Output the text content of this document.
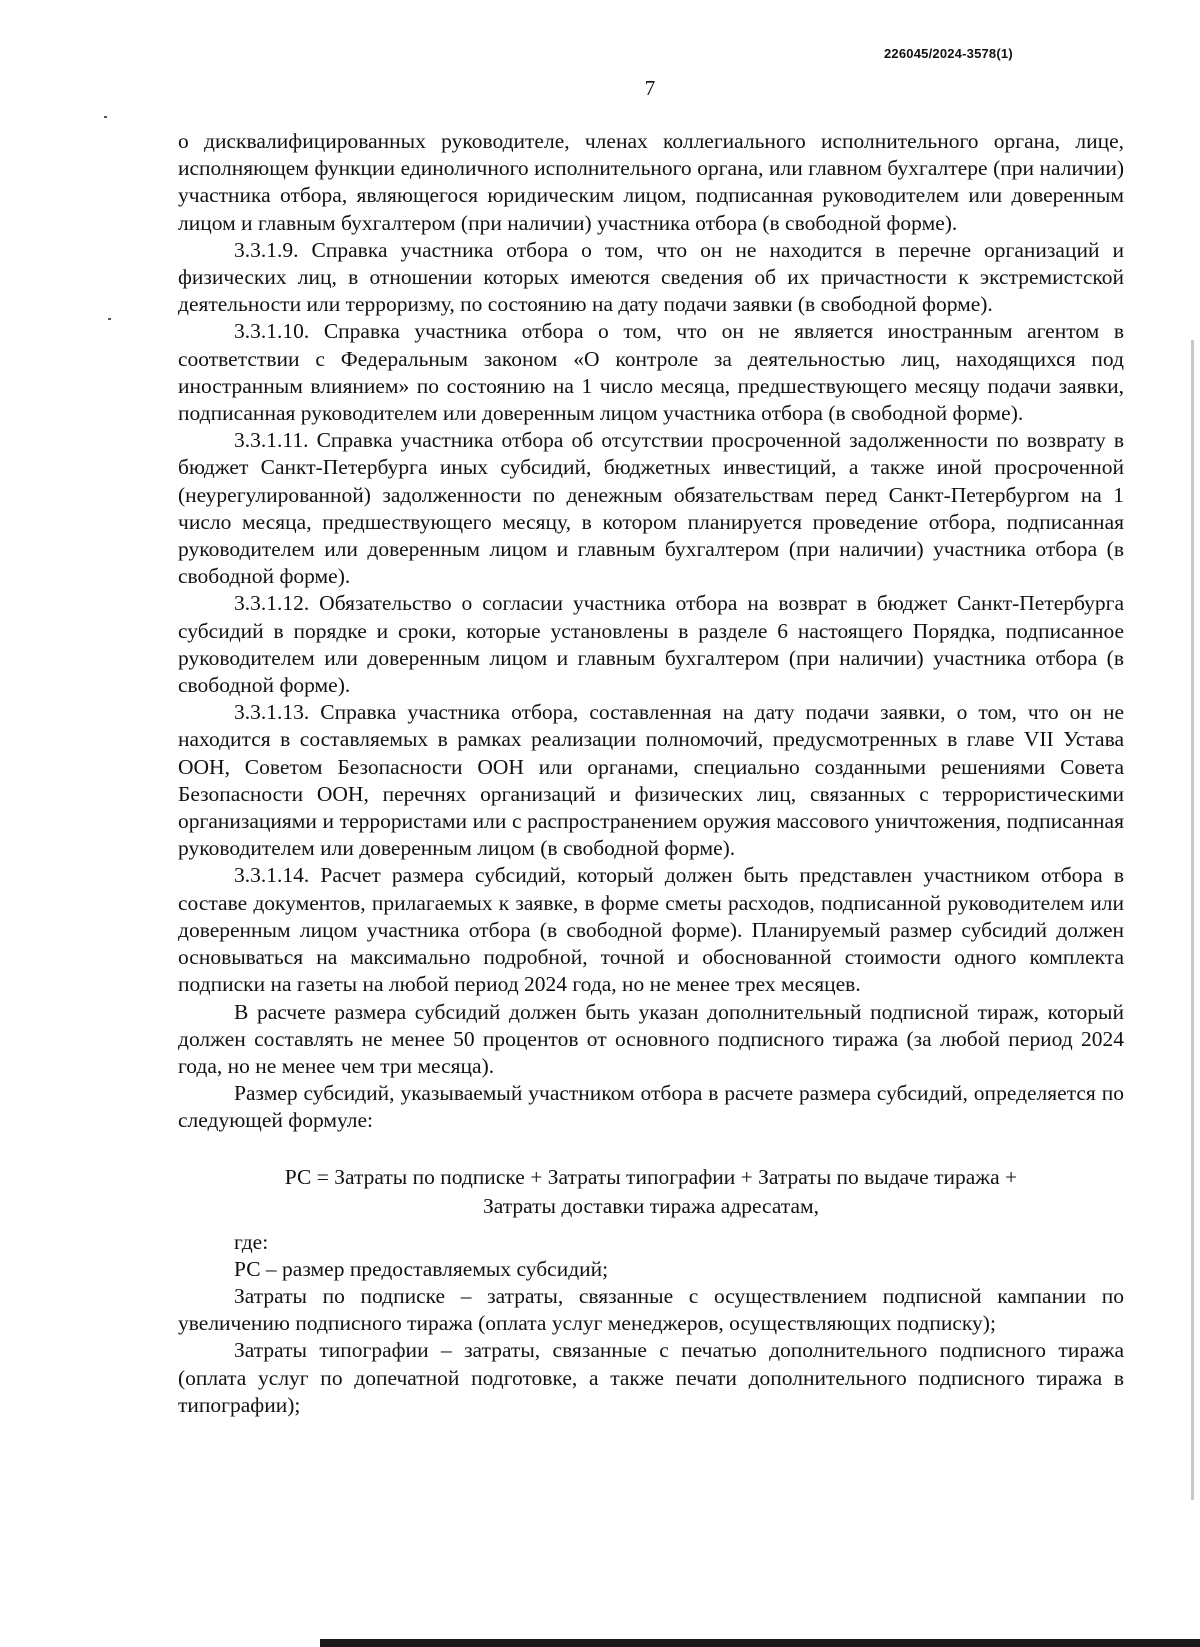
226045/2024-3578(1)
7

о дисквалифицированных руководителе, членах коллегиального исполнительного органа, лице, исполняющем функции единоличного исполнительного органа, или главном бухгалтере (при наличии) участника отбора, являющегося юридическим лицом, подписанная руководителем или доверенным лицом и главным бухгалтером (при наличии) участника отбора (в свободной форме).

3.3.1.9. Справка участника отбора о том, что он не находится в перечне организаций и физических лиц, в отношении которых имеются сведения об их причастности к экстремистской деятельности или терроризму, по состоянию на дату подачи заявки (в свободной форме).

3.3.1.10. Справка участника отбора о том, что он не является иностранным агентом в соответствии с Федеральным законом «О контроле за деятельностью лиц, находящихся под иностранным влиянием» по состоянию на 1 число месяца, предшествующего месяцу подачи заявки, подписанная руководителем или доверенным лицом участника отбора (в свободной форме).

3.3.1.11. Справка участника отбора об отсутствии просроченной задолженности по возврату в бюджет Санкт-Петербурга иных субсидий, бюджетных инвестиций, а также иной просроченной (неурегулированной) задолженности по денежным обязательствам перед Санкт-Петербургом на 1 число месяца, предшествующего месяцу, в котором планируется проведение отбора, подписанная руководителем или доверенным лицом и главным бухгалтером (при наличии) участника отбора (в свободной форме).

3.3.1.12. Обязательство о согласии участника отбора на возврат в бюджет Санкт-Петербурга субсидий в порядке и сроки, которые установлены в разделе 6 настоящего Порядка, подписанное руководителем или доверенным лицом и главным бухгалтером (при наличии) участника отбора (в свободной форме).

3.3.1.13. Справка участника отбора, составленная на дату подачи заявки, о том, что он не находится в составляемых в рамках реализации полномочий, предусмотренных в главе VII Устава ООН, Советом Безопасности ООН или органами, специально созданными решениями Совета Безопасности ООН, перечнях организаций и физических лиц, связанных с террористическими организациями и террористами или с распространением оружия массового уничтожения, подписанная руководителем или доверенным лицом (в свободной форме).

3.3.1.14. Расчет размера субсидий, который должен быть представлен участником отбора в составе документов, прилагаемых к заявке, в форме сметы расходов, подписанной руководителем или доверенным лицом участника отбора (в свободной форме). Планируемый размер субсидий должен основываться на максимально подробной, точной и обоснованной стоимости одного комплекта подписки на газеты на любой период 2024 года, но не менее трех месяцев.

В расчете размера субсидий должен быть указан дополнительный подписной тираж, который должен составлять не менее 50 процентов от основного подписного тиража (за любой период 2024 года, но не менее чем три месяца).

Размер субсидий, указываемый участником отбора в расчете размера субсидий, определяется по следующей формуле:

РС = Затраты по подписке + Затраты типографии + Затраты по выдаче тиража +
Затраты доставки тиража адресатам,

где:

РС – размер предоставляемых субсидий;

Затраты по подписке – затраты, связанные с осуществлением подписной кампании по увеличению подписного тиража (оплата услуг менеджеров, осуществляющих подписку);

Затраты типографии – затраты, связанные с печатью дополнительного подписного тиража (оплата услуг по допечатной подготовке, а также печати дополнительного подписного тиража в типографии);
